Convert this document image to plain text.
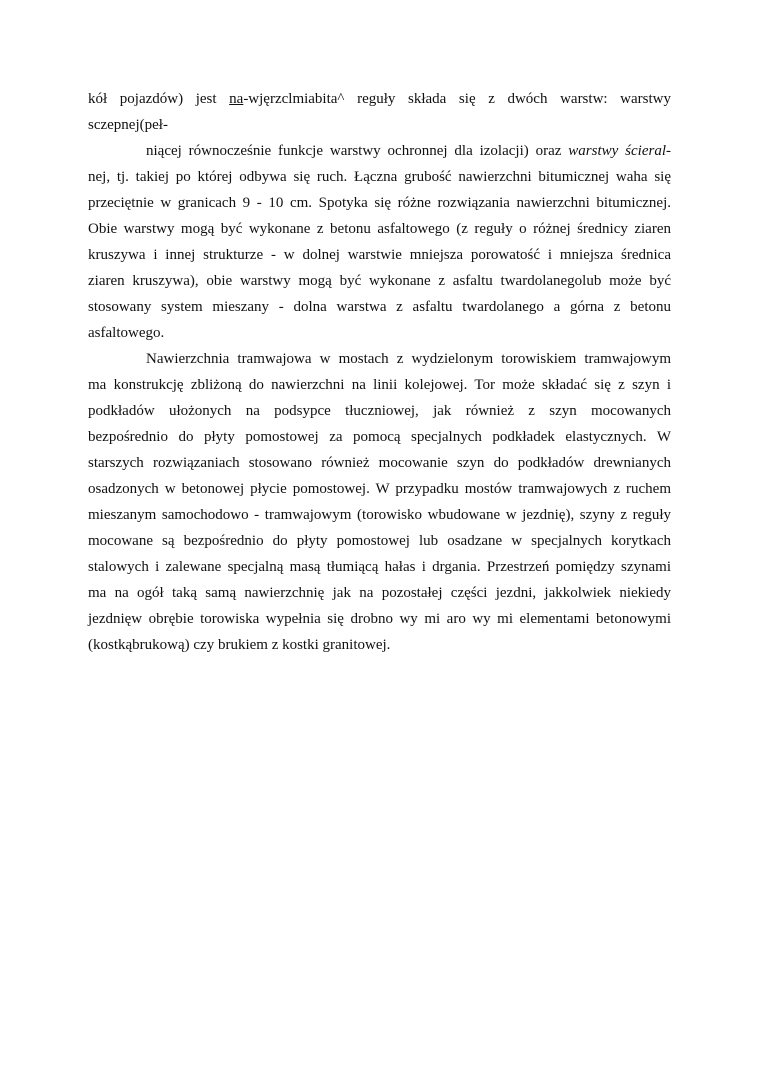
kół pojazdów) jest na-wjęrzclmiabita^ reguły składa się z dwóch warstw: warstwy
sczepnej(peł-

niącej równocześnie funkcje warstwy ochronnej dla izolacji) oraz warstwy ścieral-
nej, tj. takiej po której odbywa się ruch. Łączna grubość nawierzchni bitumicznej waha się
przeciętnie w granicach 9 - 10 cm. Spotyka się różne rozwiązania nawierzchni bitumicznej.
Obie warstwy mogą być wykonane z betonu asfaltowego (z reguły o różnej średnicy ziaren
kruszywa i innej strukturze - w dolnej warstwie mniejsza porowatość i mniejsza średnica
ziaren kruszywa), obie warstwy mogą być wykonane z asfaltu twardolanegolub może być
stosowany system mieszany - dolna warstwa z asfaltu twardolanego a górna z betonu
asfaltowego.

Nawierzchnia tramwajowa w mostach z wydzielonym torowiskiem tramwajowym
ma konstrukcję zbliżoną do nawierzchni na linii kolejowej. Tor może składać się z szyn i
podkładów ułożonych na podsypce tłuczniowej, jak również z szyn mocowanych
bezpośrednio do płyty pomostowej za pomocą specjalnych podkładek elastycznych. W
starszych rozwiązaniach stosowano również mocowanie szyn do podkładów drewnianych
osadzonych w betonowej płycie pomostowej. W przypadku mostów tramwajowych z ruchem
mieszanym samochodowo - tramwajowym (torowisko wbudowane w jezdnię), szyny z reguły
mocowane są bezpośrednio do płyty pomostowej lub osadzane w specjalnych korytkach
stalowych i zalewane specjalną masą tłumiącą hałas i drgania. Przestrzeń pomiędzy szynami
ma na ogół taką samą nawierzchnię jak na pozostałej części jezdni, jakkolwiek niekiedy
jezdnięw obrębie torowiska wypełnia się drobno wy mi aro wy mi elementami betonowymi
(kostkąbrukową) czy brukiem z kostki granitowej.
